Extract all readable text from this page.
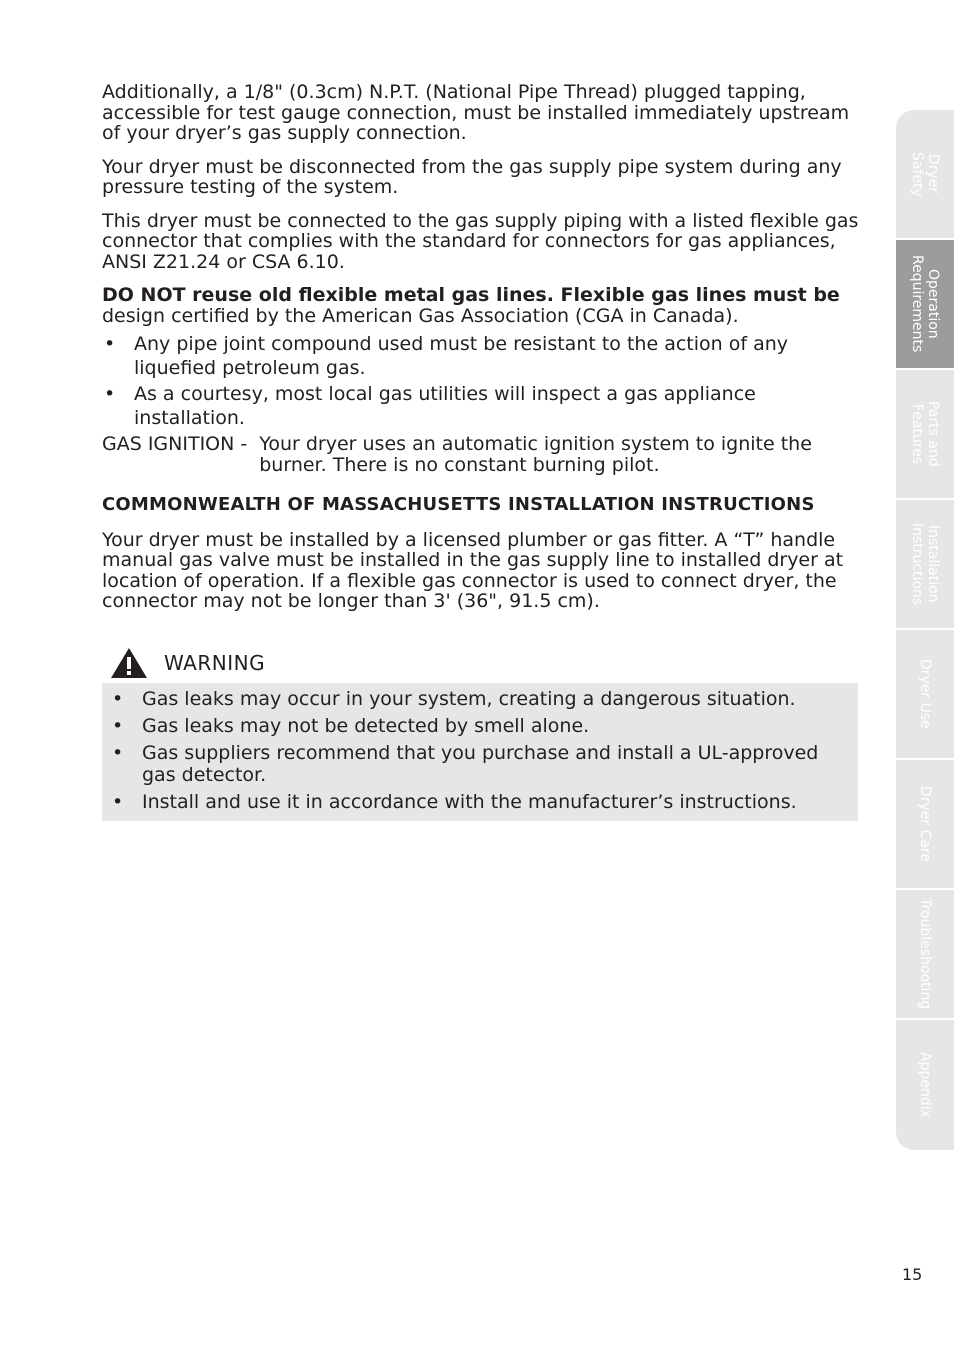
Additionally, a 1/8" (0.3cm) N.P.T. (National Pipe Thread) plugged tapping, accessible for test gauge connection, must be installed immediately upstream of your dryer’s gas supply connection.

Your dryer must be disconnected from the gas supply pipe system during any pressure testing of the system.

This dryer must be connected to the gas supply piping with a listed flexible gas connector that complies with the standard for connectors for gas appliances, ANSI Z21.24 or CSA 6.10.

DO NOT reuse old flexible metal gas lines. Flexible gas lines must be
design certified by the American Gas Association (CGA in Canada).

• Any pipe joint compound used must be resistant to the action of any liquefied petroleum gas.
• As a courtesy, most local gas utilities will inspect a gas appliance installation.
GAS IGNITION - Your dryer uses an automatic ignition system to ignite the burner. There is no constant burning pilot.
COMMONWEALTH OF MASSACHUSETTS INSTALLATION INSTRUCTIONS

Your dryer must be installed by a licensed plumber or gas fitter. A “T” handle manual gas valve must be installed in the gas supply line to installed dryer at location of operation. If a flexible gas connector is used to connect dryer, the connector may not be longer than 3' (36", 91.5 cm).

WARNING
• Gas leaks may occur in your system, creating a dangerous situation.
• Gas leaks may not be detected by smell alone.
• Gas suppliers recommend that you purchase and install a UL-approved gas detector.
• Install and use it in accordance with the manufacturer’s instructions.
Dryer
Safety
Operation
Requirements
Parts and
Features
Installation
Instructions
Dryer Use
Dryer Care
Troubleshooting
Appendix
15
